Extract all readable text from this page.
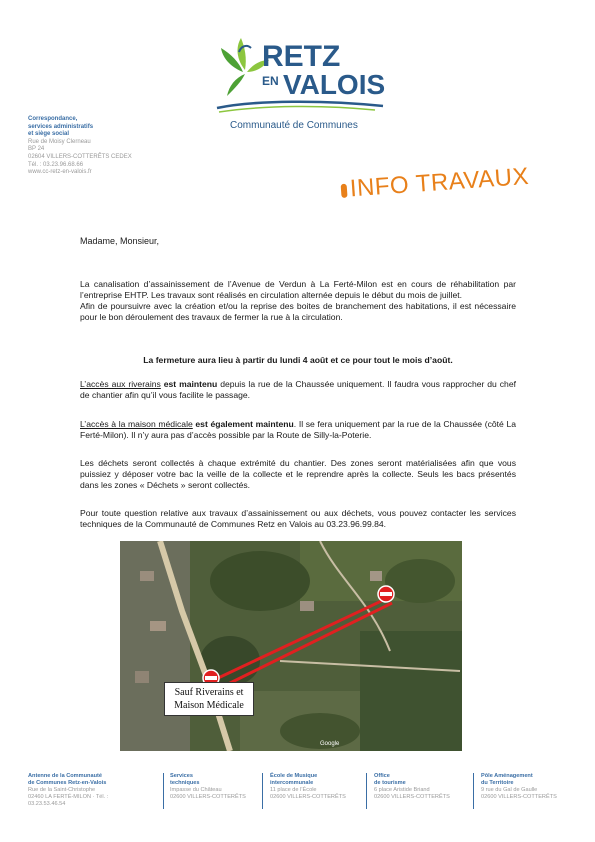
RETZ
EN VALOIS
Communauté de Communes
Correspondance,
services administratifs
et siège social
Rue de Moisy Clerneau
BP 24
02604 VILLERS-COTTERÊTS CEDEX
Tél. : 03.23.96.68.66
www.cc-retz-en-valois.fr	INFO TRAVAUX
Madame, Monsieur,
La canalisation d’assainissement de l’Avenue de Verdun à La Ferté-Milon est en cours de réhabilitation par l’entreprise EHTP. Les travaux sont réalisés en circulation alternée depuis le début du mois de juillet.
Afin de poursuivre avec la création et/ou la reprise des boites de branchement des habitations, il est nécessaire pour le bon déroulement des travaux de fermer la rue à la circulation.
La fermeture aura lieu à partir du lundi 4 août et ce pour tout le mois d’août.
L’accès aux riverains est maintenu depuis la rue de la Chaussée uniquement. Il faudra vous rapprocher du chef de chantier afin qu’il vous facilite le passage.
L’accès à la maison médicale est également maintenu. Il se fera uniquement par la rue de la Chaussée (côté La Ferté-Milon). Il n’y aura pas d’accès possible par la Route de Silly-la-Poterie.
Les déchets seront collectés à chaque extrémité du chantier. Des zones seront matérialisées afin que vous puissiez y déposer votre bac la veille de la collecte et le reprendre après la collecte. Seuls les bacs présentés dans les zones « Déchets » seront collectés.
Pour toute question relative aux travaux d’assainissement ou aux déchets, vous pouvez contacter les services techniques de la Communauté de Communes Retz en Valois au 03.23.96.99.84.
Sauf Riverains et
Maison Médicale
Google
Antenne de la Communauté
de Communes Retz-en-Valois
Rue de la Saint-Christophe
02460 LA FERTÉ-MILON · Tél. : 03.23.53.46.54
Services
techniques
Impasse du Château
02600 VILLERS-COTTERÊTS
École de Musique
intercommunale
11 place de l’École
02600 VILLERS-COTTERÊTS
Office
de tourisme
6 place Aristide Briand
02600 VILLERS-COTTERÊTS
Pôle Aménagement
du Territoire
9 rue du Gal de Gaulle
02600 VILLERS-COTTERÊTS
